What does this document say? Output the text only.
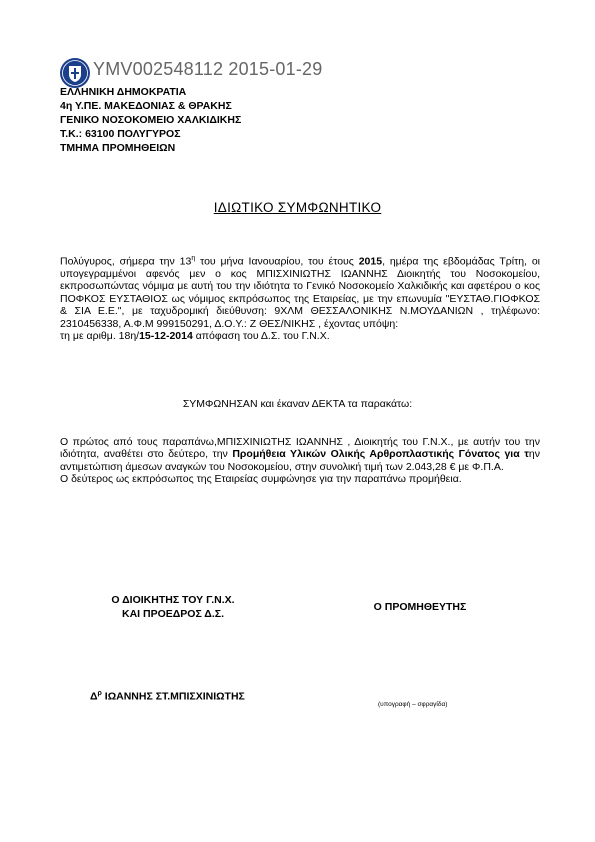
ΥΜV002548112 2015-01-29
ΕΛΛΗΝΙΚΗ ΔΗΜΟΚΡΑΤΙΑ
4η Υ.ΠΕ. ΜΑΚΕΔΟΝΙΑΣ & ΘΡΑΚΗΣ
ΓΕΝΙΚΟ ΝΟΣΟΚΟΜΕΙΟ ΧΑΛΚΙΔΙΚΗΣ
Τ.Κ.: 63100 ΠΟΛΥΓΥΡΟΣ
ΤΜΗΜΑ ΠΡΟΜΗΘΕΙΩΝ
ΙΔΙΩΤΙΚΟ ΣΥΜΦΩΝΗΤΙΚΟ

Πολύγυρος, σήμερα την $13^\eta$ του μήνα Ιανουαρίου, του έτους 2015, ημέρα της εβδομάδας Τρίτη, οι υπογεγραμμένοι αφενός μεν ο κος ΜΠΙΣΧΙΝΙΩΤΗΣ ΙΩΑΝΝΗΣ Διοικητής του Νοσοκομείου, εκπροσωπώντας νόμιμα με αυτή του την ιδιότητα το Γενικό Νοσοκομείο Χαλκιδικής και αφετέρου ο κος ΠΟΦΚΟΣ ΕΥΣΤΑΘΙΟΣ ως νόμιμος εκπρόσωπος της Εταιρείας, με την επωνυμία "ΕΥΣΤΑΘ.ΓΙΟΦΚΟΣ & ΣΙΑ Ε.Ε.", με ταχυδρομική διεύθυνση: 9ΧΛΜ ΘΕΣΣΑΛΟΝΙΚΗΣ Ν.ΜΟΥΔΑΝΙΩΝ , τηλέφωνο: 2310456338, Α.Φ.Μ 999150291, Δ.Ο.Υ.: Ζ ΘΕΣ/ΝΙΚΗΣ , έχοντας υπόψη:

τη με αριθμ. 18η/15-12-2014 απόφαση του Δ.Σ. του Γ.Ν.Χ.

ΣΥΜΦΩΝΗΣΑΝ και έκαναν ΔΕΚΤΑ τα παρακάτω:

Ο πρώτος από τους παραπάνω,ΜΠΙΣΧΙΝΙΩΤΗΣ ΙΩΑΝΝΗΣ , Διοικητής του Γ.Ν.Χ., με αυτήν του την ιδιότητα, αναθέτει στο δεύτερο, την Προμήθεια Υλικών Ολικής Αρθροπλαστικής Γόνατος για την αντιμετώπιση άμεσων αναγκών του Νοσοκομείου, στην συνολική τιμή των 2.043,28 € με Φ.Π.Α.

Ο δεύτερος ως εκπρόσωπος της Εταιρείας συμφώνησε για την παραπάνω προμήθεια.

Ο ΔΙΟΙΚΗΤΗΣ ΤΟΥ Γ.Ν.Χ.
ΚΑΙ ΠΡΟΕΔΡΟΣ Δ.Σ.
Ο ΠΡΟΜΗΘΕΥΤΗΣ
$\Delta^\rho$ ΙΩΑΝΝΗΣ ΣΤ.ΜΠΙΣΧΙΝΙΩΤΗΣ
(υπογραφή – σφραγίδα)
